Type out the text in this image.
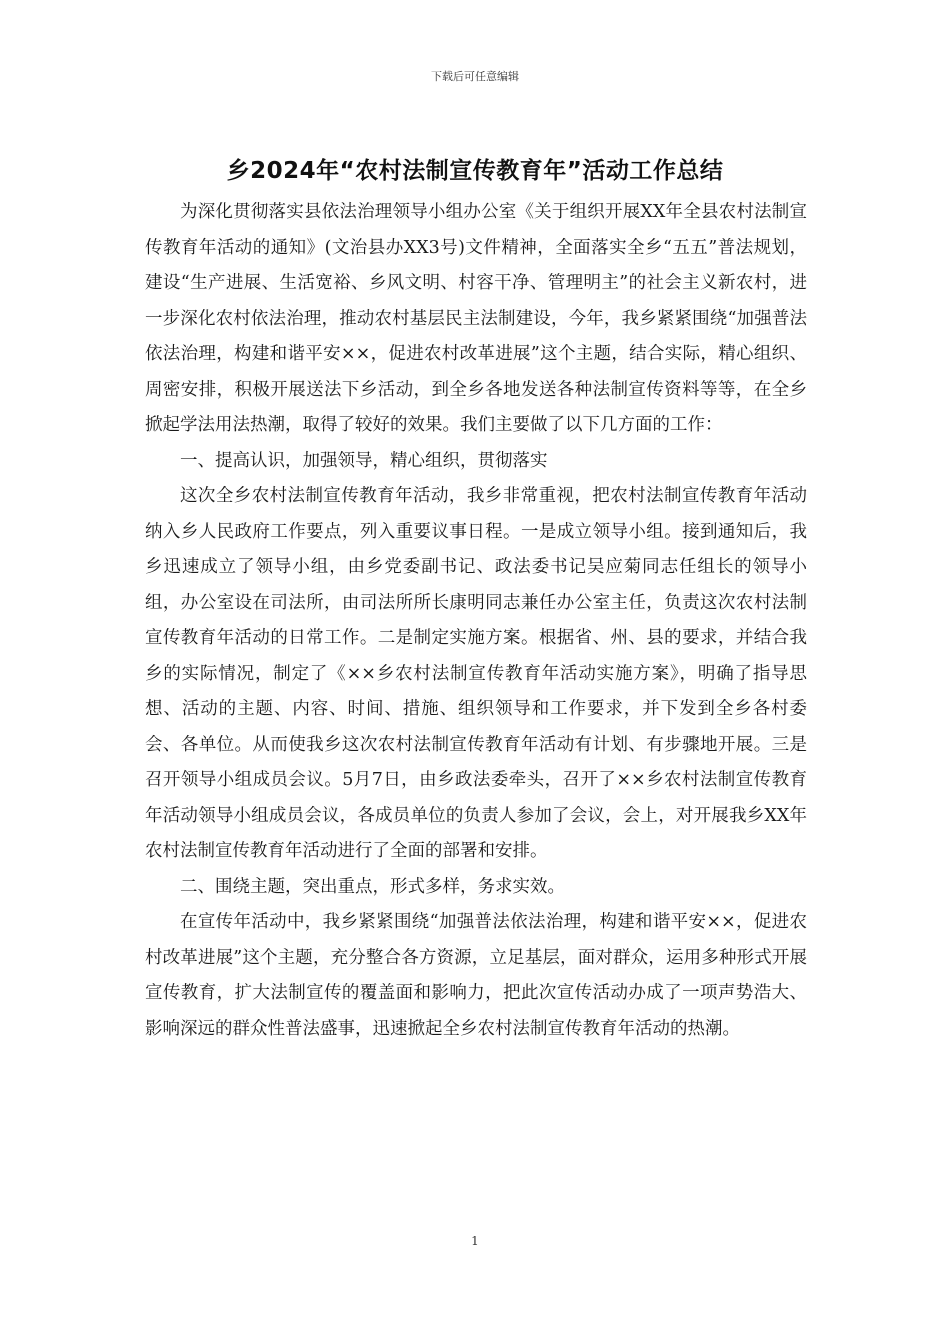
下载后可任意编辑
乡2024年“农村法制宣传教育年”活动工作总结

为深化贯彻落实县依法治理领导小组办公室《关于组织开展XX年全县农村法制宣传教育年活动的通知》(文治县办XX3号)文件精神，全面落实全乡“五五”普法规划，建设“生产进展、生活宽裕、乡风文明、村容干净、管理明主”的社会主义新农村，进一步深化农村依法治理，推动农村基层民主法制建设，今年，我乡紧紧围绕“加强普法依法治理，构建和谐平安××，促进农村改革进展”这个主题，结合实际，精心组织、周密安排，积极开展送法下乡活动，到全乡各地发送各种法制宣传资料等等，在全乡掀起学法用法热潮，取得了较好的效果。我们主要做了以下几方面的工作：

一、提高认识，加强领导，精心组织，贯彻落实

这次全乡农村法制宣传教育年活动，我乡非常重视，把农村法制宣传教育年活动纳入乡人民政府工作要点，列入重要议事日程。一是成立领导小组。接到通知后，我乡迅速成立了领导小组，由乡党委副书记、政法委书记吴应菊同志任组长的领导小组，办公室设在司法所，由司法所所长康明同志兼任办公室主任，负责这次农村法制宣传教育年活动的日常工作。二是制定实施方案。根据省、州、县的要求，并结合我乡的实际情况，制定了《××乡农村法制宣传教育年活动实施方案》，明确了指导思想、活动的主题、内容、时间、措施、组织领导和工作要求，并下发到全乡各村委会、各单位。从而使我乡这次农村法制宣传教育年活动有计划、有步骤地开展。三是召开领导小组成员会议。5月7日，由乡政法委牵头，召开了××乡农村法制宣传教育年活动领导小组成员会议，各成员单位的负责人参加了会议，会上，对开展我乡XX年农村法制宣传教育年活动进行了全面的部署和安排。

二、围绕主题，突出重点，形式多样，务求实效。

在宣传年活动中，我乡紧紧围绕“加强普法依法治理，构建和谐平安××，促进农村改革进展”这个主题，充分整合各方资源，立足基层，面对群众，运用多种形式开展宣传教育，扩大法制宣传的覆盖面和影响力，把此次宣传活动办成了一项声势浩大、影响深远的群众性普法盛事，迅速掀起全乡农村法制宣传教育年活动的热潮。

1
